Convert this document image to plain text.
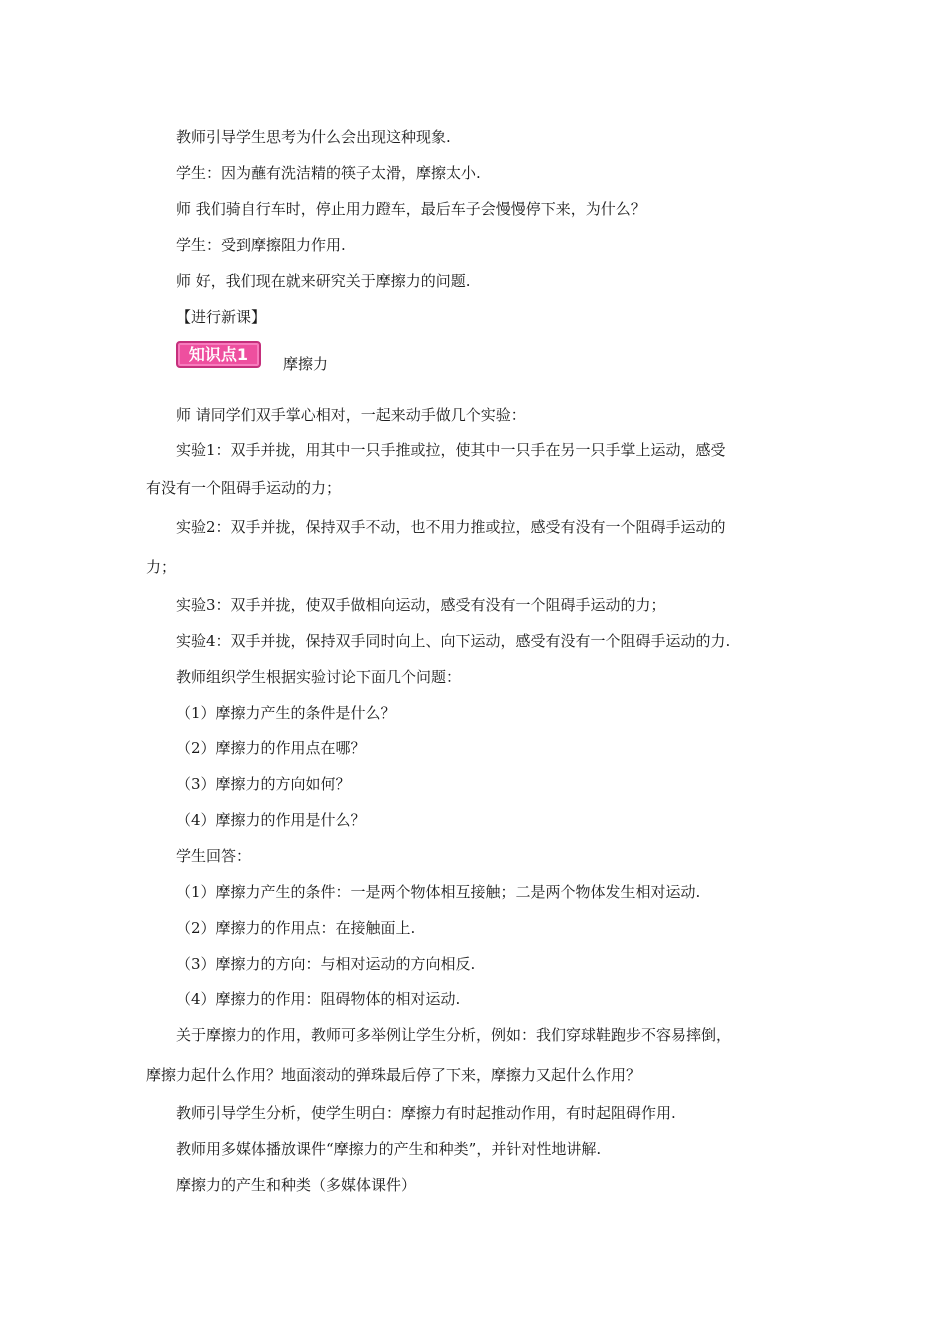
教师引导学生思考为什么会出现这种现象.
学生：因为蘸有洗洁精的筷子太滑，摩擦太小.
师 我们骑自行车时，停止用力蹬车，最后车子会慢慢停下来，为什么？
学生：受到摩擦阻力作用.
师 好，我们现在就来研究关于摩擦力的问题.
【进行新课】
知识点1	摩擦力
师 请同学们双手掌心相对，一起来动手做几个实验：
实验1：双手并拢，用其中一只手推或拉，使其中一只手在另一只手掌上运动，感受
有没有一个阻碍手运动的力；
实验2：双手并拢，保持双手不动，也不用力推或拉，感受有没有一个阻碍手运动的
力；
实验3：双手并拢，使双手做相向运动，感受有没有一个阻碍手运动的力；
实验4：双手并拢，保持双手同时向上、向下运动，感受有没有一个阻碍手运动的力.
教师组织学生根据实验讨论下面几个问题：
（1）摩擦力产生的条件是什么？
（2）摩擦力的作用点在哪？
（3）摩擦力的方向如何？
（4）摩擦力的作用是什么？
学生回答：
（1）摩擦力产生的条件：一是两个物体相互接触；二是两个物体发生相对运动.
（2）摩擦力的作用点：在接触面上.
（3）摩擦力的方向：与相对运动的方向相反.
（4）摩擦力的作用：阻碍物体的相对运动.
关于摩擦力的作用，教师可多举例让学生分析，例如：我们穿球鞋跑步不容易摔倒，
摩擦力起什么作用？地面滚动的弹珠最后停了下来，摩擦力又起什么作用？
教师引导学生分析，使学生明白：摩擦力有时起推动作用，有时起阻碍作用.
教师用多媒体播放课件“摩擦力的产生和种类”，并针对性地讲解.
摩擦力的产生和种类（多媒体课件）
